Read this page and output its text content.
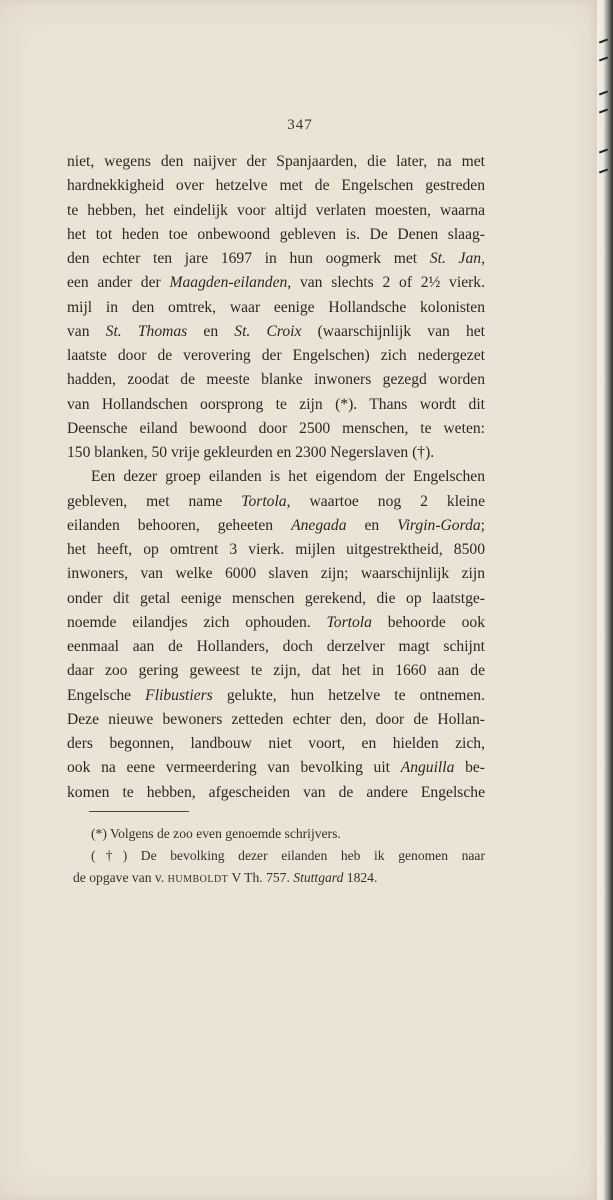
347
niet, wegens den naijver der Spanjaarden, die later, na met
hardnekkigheid over hetzelve met de Engelschen gestreden
te hebben, het eindelijk voor altijd verlaten moesten, waarna
het tot heden toe onbewoond gebleven is. De Denen slaag-
den echter ten jare 1697 in hun oogmerk met St. Jan,
een ander der Maagden-eilanden, van slechts 2 of 2½ vierk.
mijl in den omtrek, waar eenige Hollandsche kolonisten
van St. Thomas en St. Croix (waarschijnlijk van het
laatste door de verovering der Engelschen) zich nedergezet
hadden, zoodat de meeste blanke inwoners gezegd worden
van Hollandschen oorsprong te zijn (*). Thans wordt dit
Deensche eiland bewoond door 2500 menschen, te weten:
150 blanken, 50 vrije gekleurden en 2300 Negerslaven (†).
Een dezer groep eilanden is het eigendom der Engelschen
gebleven, met name Tortola, waartoe nog 2 kleine
eilanden behooren, geheeten Anegada en Virgin-Gorda;
het heeft, op omtrent 3 vierk. mijlen uitgestrektheid, 8500
inwoners, van welke 6000 slaven zijn; waarschijnlijk zijn
onder dit getal eenige menschen gerekend, die op laatstge-
noemde eilandjes zich ophouden. Tortola behoorde ook
eenmaal aan de Hollanders, doch derzelver magt schijnt
daar zoo gering geweest te zijn, dat het in 1660 aan de
Engelsche Flibustiers gelukte, hun hetzelve te ontnemen.
Deze nieuwe bewoners zetteden echter den, door de Hollan-
ders begonnen, landbouw niet voort, en hielden zich,
ook na eene vermeerdering van bevolking uit Anguilla be-
komen te hebben, afgescheiden van de andere Engelsche
(*) Volgens de zoo even genoemde schrijvers.
(†) De bevolking dezer eilanden heb ik genomen naar
de opgave van v. humboldt V Th. 757. Stuttgard 1824.
